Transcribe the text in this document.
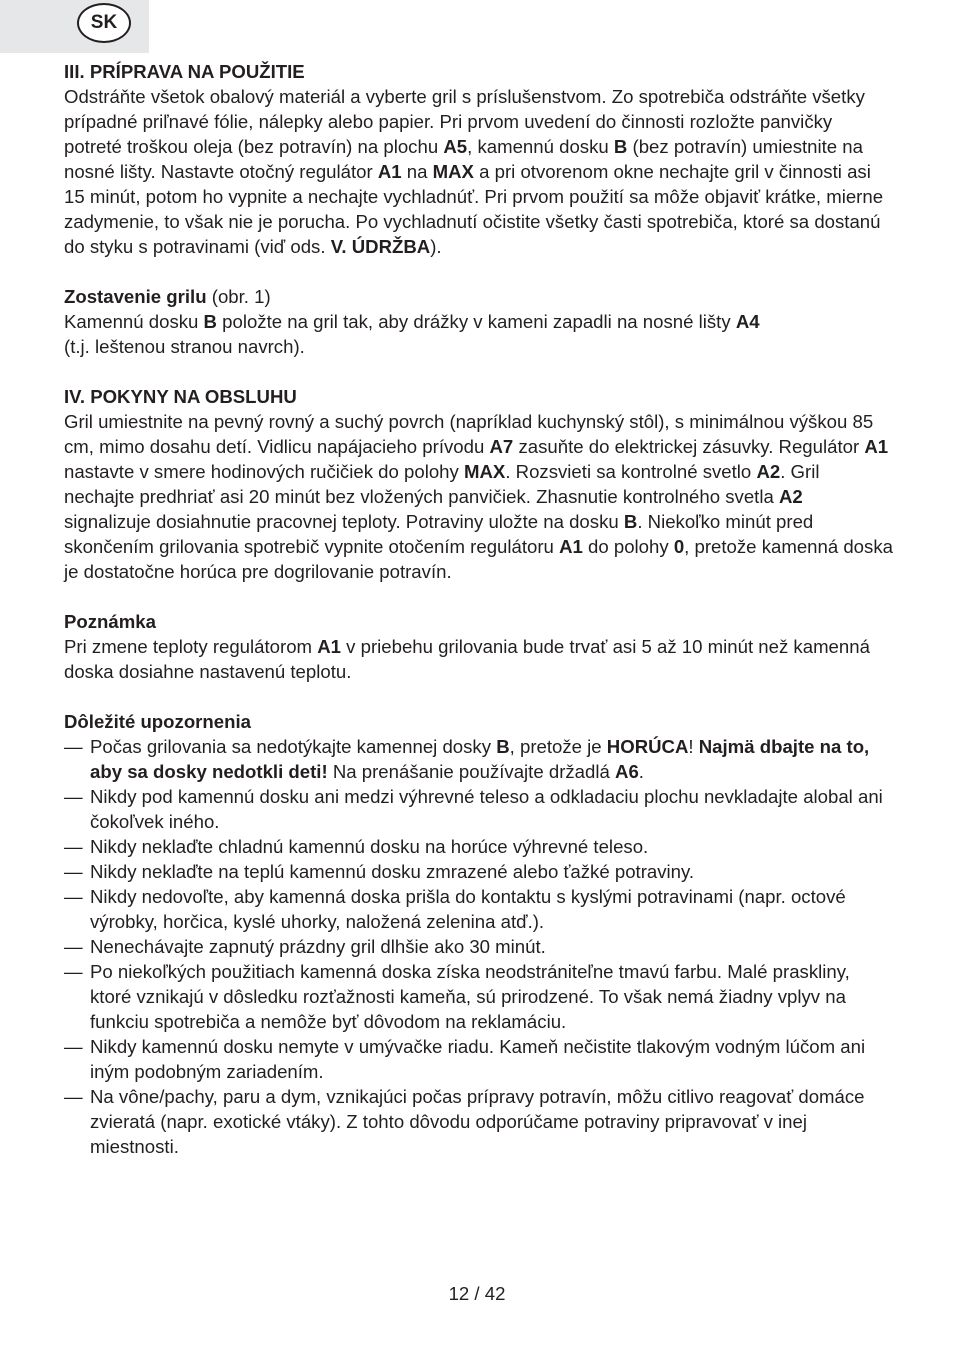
SK

III. PRÍPRAVA NA POUŽITIE

Odstráňte všetok obalový materiál a vyberte gril s príslušenstvom. Zo spotrebiča odstráňte všetky prípadné priľnavé fólie, nálepky alebo papier. Pri prvom uvedení do činnosti rozložte panvičky potreté troškou oleja (bez potravín) na plochu A5, kamennú dosku B (bez potravín) umiestnite na nosné lišty. Nastavte otočný regulátor A1 na MAX a pri otvorenom okne nechajte gril v činnosti asi 15 minút, potom ho vypnite a nechajte vychladnúť. Pri prvom použití sa môže objaviť krátke, mierne zadymenie, to však nie je porucha. Po vychladnutí očistite všetky časti spotrebiča, ktoré sa dostanú do styku s potravinami (viď ods. V. ÚDRŽBA).

Zostavenie grilu (obr. 1)

Kamennú dosku B položte na gril tak, aby drážky v kameni zapadli na nosné lišty A4
(t.j. leštenou stranou navrch).

IV. POKYNY NA OBSLUHU

Gril umiestnite na pevný rovný a suchý povrch (napríklad kuchynský stôl), s minimálnou výškou 85 cm, mimo dosahu detí. Vidlicu napájacieho prívodu A7 zasuňte do elektrickej zásuvky. Regulátor A1 nastavte v smere hodinových ručičiek do polohy MAX. Rozsvieti sa kontrolné svetlo A2. Gril nechajte predhriať asi 20 minút bez vložených panvičiek. Zhasnutie kontrolného svetla A2 signalizuje dosiahnutie pracovnej teploty. Potraviny uložte na dosku B. Niekoľko minút pred skončením grilovania spotrebič vypnite otočením regulátoru A1 do polohy 0, pretože kamenná doska je dostatočne horúca pre dogrilovanie potravín.

Poznámka

Pri zmene teploty regulátorom A1 v priebehu grilovania bude trvať asi 5 až 10 minút než kamenná doska dosiahne nastavenú teplotu.

Dôležité upozornenia

— Počas grilovania sa nedotýkajte kamennej dosky B, pretože je HORÚCA! Najmä dbajte na to, aby sa dosky nedotkli deti! Na prenášanie používajte držadlá A6.
— Nikdy pod kamennú dosku ani medzi výhrevné teleso a odkladaciu plochu nevkladajte alobal ani čokoľvek iného.
— Nikdy neklaďte chladnú kamennú dosku na horúce výhrevné teleso.
— Nikdy neklaďte na teplú kamennú dosku zmrazené alebo ťažké potraviny.
— Nikdy nedovoľte, aby kamenná doska prišla do kontaktu s kyslými potravinami (napr. octové výrobky, horčica, kyslé uhorky, naložená zelenina atď.).
— Nenechávajte zapnutý prázdny gril dlhšie ako 30 minút.
— Po niekoľkých použitiach kamenná doska získa neodstrániteľne tmavú farbu. Malé praskliny, ktoré vznikajú v dôsledku rozťažnosti kameňa, sú prirodzené. To však nemá žiadny vplyv na funkciu spotrebiča a nemôže byť dôvodom na reklamáciu.
— Nikdy kamennú dosku nemyte v umývačke riadu. Kameň nečistite tlakovým vodným lúčom ani iným podobným zariadením.
— Na vône/pachy, paru a dym, vznikajúci počas prípravy potravín, môžu citlivo reagovať domáce zvieratá (napr. exotické vtáky). Z tohto dôvodu odporúčame potraviny pripravovať v inej miestnosti.
12 / 42
